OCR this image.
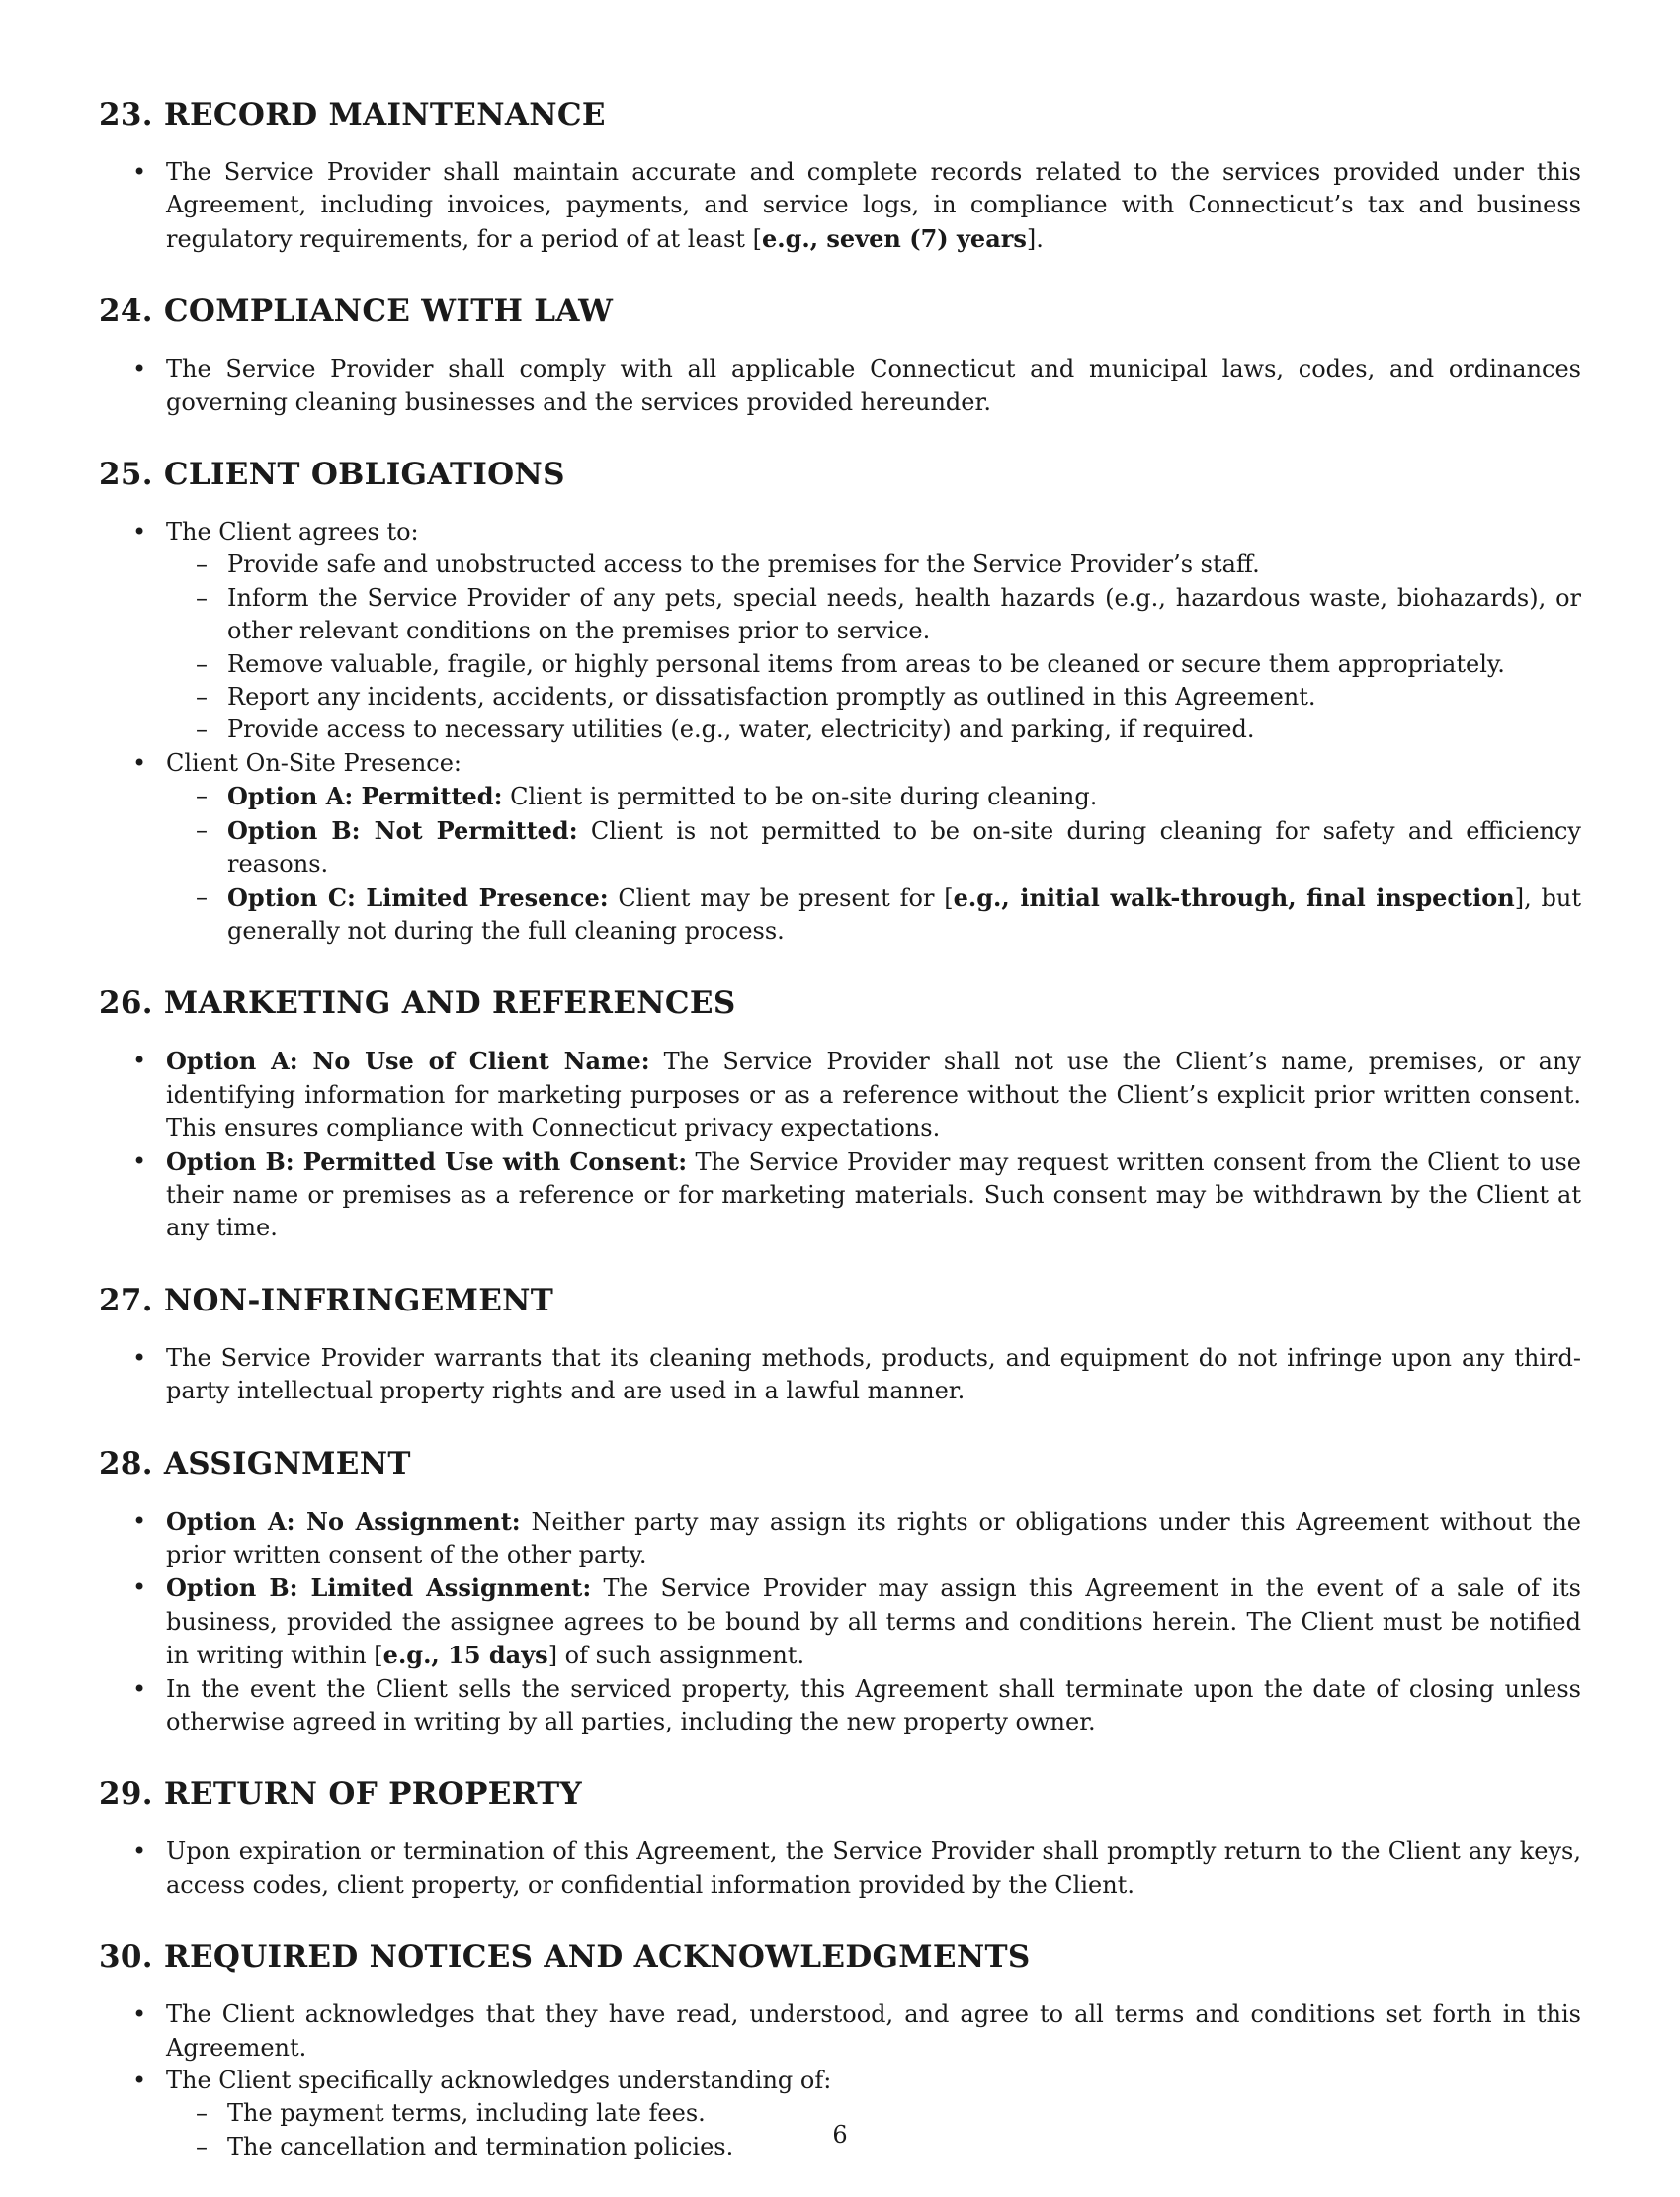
23. RECORD MAINTENANCE
• The Service Provider shall maintain accurate and complete records related to the services provided under this Agreement, including invoices, payments, and service logs, in compliance with Connecticut’s tax and business regulatory requirements, for a period of at least [e.g., seven (7) years].
24. COMPLIANCE WITH LAW
• The Service Provider shall comply with all applicable Connecticut and municipal laws, codes, and ordinances governing cleaning businesses and the services provided hereunder.
25. CLIENT OBLIGATIONS
• The Client agrees to:
– Provide safe and unobstructed access to the premises for the Service Provider’s staff.
– Inform the Service Provider of any pets, special needs, health hazards (e.g., hazardous waste, biohazards), or other relevant conditions on the premises prior to service.
– Remove valuable, fragile, or highly personal items from areas to be cleaned or secure them appropriately.
– Report any incidents, accidents, or dissatisfaction promptly as outlined in this Agreement.
– Provide access to necessary utilities (e.g., water, electricity) and parking, if required.
• Client On-Site Presence:
– Option A: Permitted: Client is permitted to be on-site during cleaning.
– Option B: Not Permitted: Client is not permitted to be on-site during cleaning for safety and efficiency reasons.
– Option C: Limited Presence: Client may be present for [e.g., initial walk-through, final inspection], but generally not during the full cleaning process.
26. MARKETING AND REFERENCES
• Option A: No Use of Client Name: The Service Provider shall not use the Client’s name, premises, or any identifying information for marketing purposes or as a reference without the Client’s explicit prior written consent. This ensures compliance with Connecticut privacy expectations.
• Option B: Permitted Use with Consent: The Service Provider may request written consent from the Client to use their name or premises as a reference or for marketing materials. Such consent may be withdrawn by the Client at any time.
27. NON-INFRINGEMENT
• The Service Provider warrants that its cleaning methods, products, and equipment do not infringe upon any third-party intellectual property rights and are used in a lawful manner.
28. ASSIGNMENT
• Option A: No Assignment: Neither party may assign its rights or obligations under this Agreement without the prior written consent of the other party.
• Option B: Limited Assignment: The Service Provider may assign this Agreement in the event of a sale of its business, provided the assignee agrees to be bound by all terms and conditions herein. The Client must be notified in writing within [e.g., 15 days] of such assignment.
• In the event the Client sells the serviced property, this Agreement shall terminate upon the date of closing unless otherwise agreed in writing by all parties, including the new property owner.
29. RETURN OF PROPERTY
• Upon expiration or termination of this Agreement, the Service Provider shall promptly return to the Client any keys, access codes, client property, or confidential information provided by the Client.
30. REQUIRED NOTICES AND ACKNOWLEDGMENTS
• The Client acknowledges that they have read, understood, and agree to all terms and conditions set forth in this Agreement.
• The Client specifically acknowledges understanding of:
– The payment terms, including late fees.
– The cancellation and termination policies.	6
